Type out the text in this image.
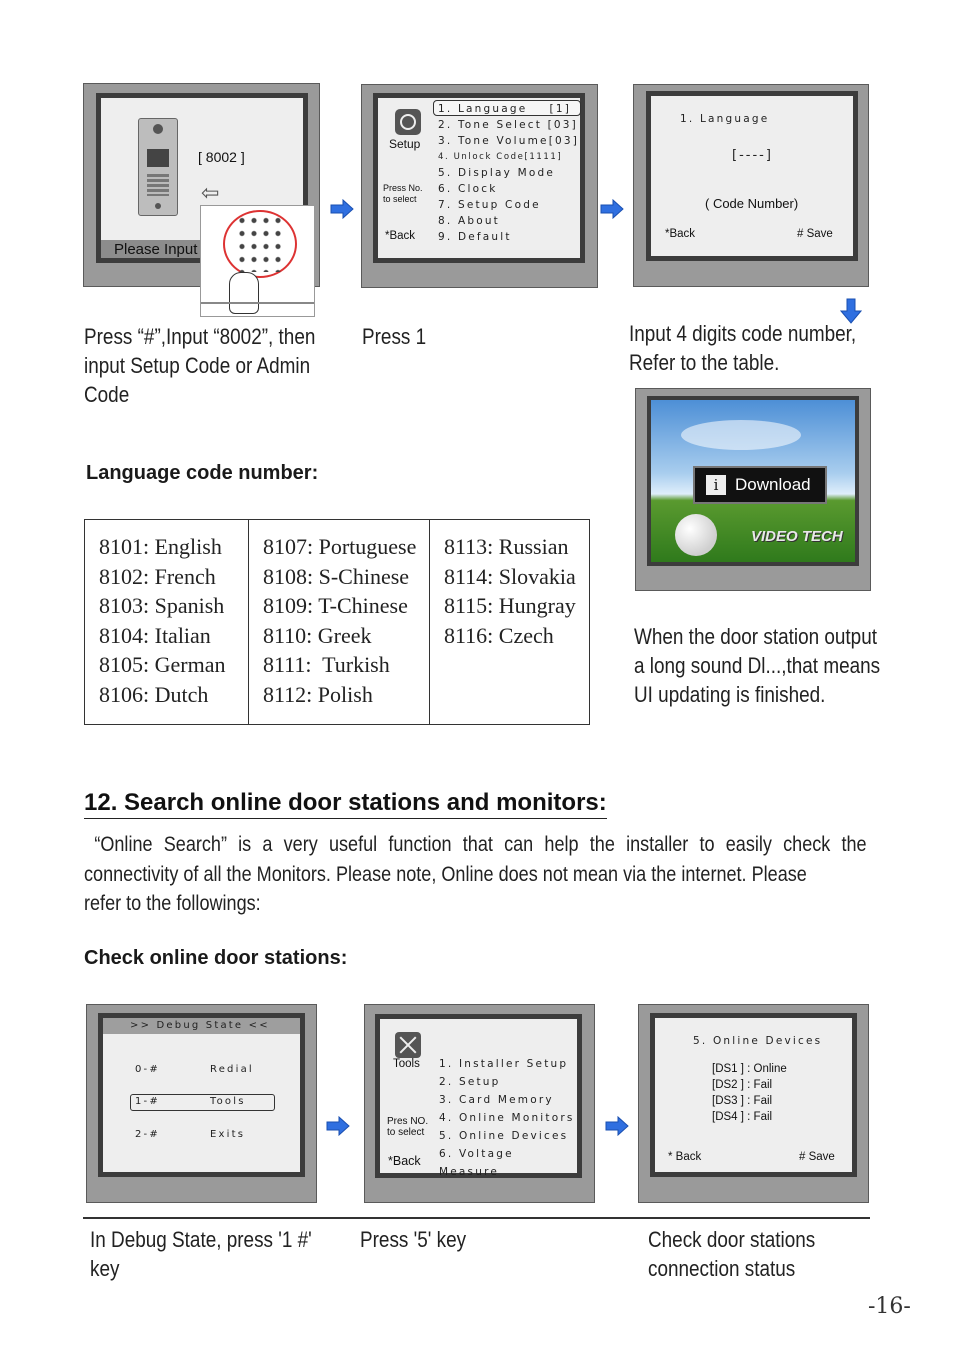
[ 8002 ]
⇦
Please Input
Setup
Press No.
to select
*Back
1. Language    [1]
2. Tone Select [03]
3. Tone Volume[03]
4. Unlock Code[1111]
5. Display Mode
6. Clock
7. Setup Code
8. About
9. Default
1. Language
[----]
( Code Number)
*Back	# Save
i Download
VIDEO TECH
Press “#”,Input “8002”, then
input Setup Code or Admin
Code
Press 1	Input 4 digits code number,
Refer to the table.
When the door station output
a long sound Dl...,that means
UI updating is finished.
Language code number:
8101: English
8102: French
8103: Spanish
8104: Italian
8105: German
8106: Dutch

8107: Portuguese
8108: S-Chinese
8109: T-Chinese
8110: Greek
8111:  Turkish
8112: Polish

8113: Russian
8114: Slovakia
8115: Hungray
8116: Czech
12. Search online door stations and monitors:
“Online Search” is a very useful function that can help the installer to easily check the
connectivity of all the Monitors. Please note, Online does not mean via the internet. Please
refer to the followings:
Check online door stations:
>> Debug State <<
0-#	Redial
1-#	Tools
2-#	Exits
Tools
Pres NO.
to select
*Back
1. Installer Setup
2. Setup
3. Card Memory
4. Online Monitors
5. Online Devices
6. Voltage Measure
5. Online Devices
[DS1 ] : Online
[DS2 ] : Fail
[DS3 ] : Fail
[DS4 ] : Fail
* Back	# Save
In Debug State, press '1 #'
key
Press '5' key	Check door stations
connection status
-16-
